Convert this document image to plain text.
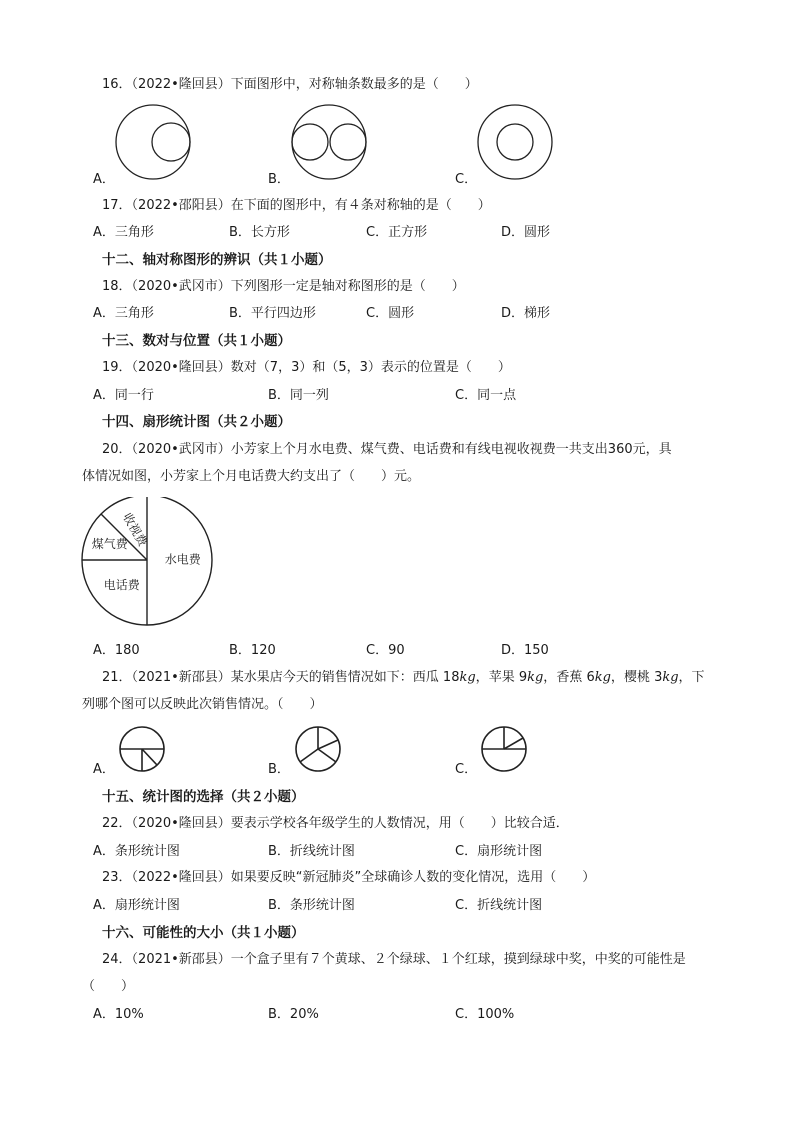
16．（2022•隆回县）下面图形中，对称轴条数最多的是（　　）
A．	B．	C．
17．（2022•邵阳县）在下面的图形中，有４条对称轴的是（　　）
A．三角形	B．长方形	C．正方形	D．圆形
十二、轴对称图形的辨识（共１小题）
18．（2020•武冈市）下列图形一定是轴对称图形的是（　　）
A．三角形	B．平行四边形	C．圆形	D．梯形
十三、数对与位置（共１小题）
19．（2020•隆回县）数对（7，3）和（5，3）表示的位置是（　　）
A．同一行	B．同一列	C．同一点
十四、扇形统计图（共２小题）
20．（2020•武冈市）小芳家上个月水电费、煤气费、电话费和有线电视收视费一共支出360元，具
体情况如图，小芳家上个月电话费大约支出了（　　）元。
水电费
电话费
煤气费
收视费
A．180	B．120	C．90	D．150
21．（2021•新邵县）某水果店今天的销售情况如下：西瓜 18kg，苹果 9kg，香蕉 6kg，樱桃 3kg，下
列哪个图可以反映此次销售情况。（　　）
A．	B．	C．
十五、统计图的选择（共２小题）
22．（2020•隆回县）要表示学校各年级学生的人数情况，用（　　）比较合适．
A．条形统计图	B．折线统计图	C．扇形统计图
23．（2022•隆回县）如果要反映“新冠肺炎”全球确诊人数的变化情况，选用（　　）
A．扇形统计图	B．条形统计图	C．折线统计图
十六、可能性的大小（共１小题）
24．（2021•新邵县）一个盒子里有７个黄球、２个绿球、１个红球，摸到绿球中奖，中奖的可能性是
（　　）
A．10%	B．20%	C．100%
